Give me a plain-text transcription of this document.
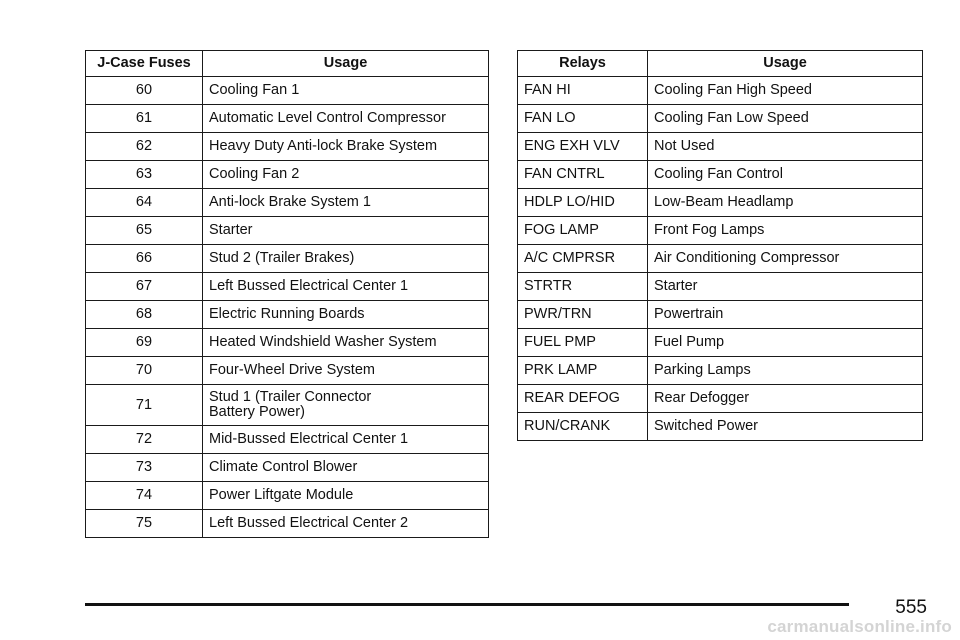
J-Case Fuses	Usage
60	Cooling Fan 1
61	Automatic Level Control Compressor
62	Heavy Duty Anti-lock Brake System
63	Cooling Fan 2
64	Anti-lock Brake System 1
65	Starter
66	Stud 2 (Trailer Brakes)
67	Left Bussed Electrical Center 1
68	Electric Running Boards
69	Heated Windshield Washer System
70	Four-Wheel Drive System
71	Stud 1 (Trailer Connector
Battery Power)

72	Mid-Bussed Electrical Center 1
73	Climate Control Blower
74	Power Liftgate Module
75	Left Bussed Electrical Center 2
Relays	Usage
FAN HI	Cooling Fan High Speed
FAN LO	Cooling Fan Low Speed
ENG EXH VLV	Not Used
FAN CNTRL	Cooling Fan Control
HDLP LO/HID	Low-Beam Headlamp
FOG LAMP	Front Fog Lamps
A/C CMPRSR	Air Conditioning Compressor
STRTR	Starter
PWR/TRN	Powertrain
FUEL PMP	Fuel Pump
PRK LAMP	Parking Lamps
REAR DEFOG	Rear Defogger
RUN/CRANK	Switched Power
555
carmanualsonline.info
